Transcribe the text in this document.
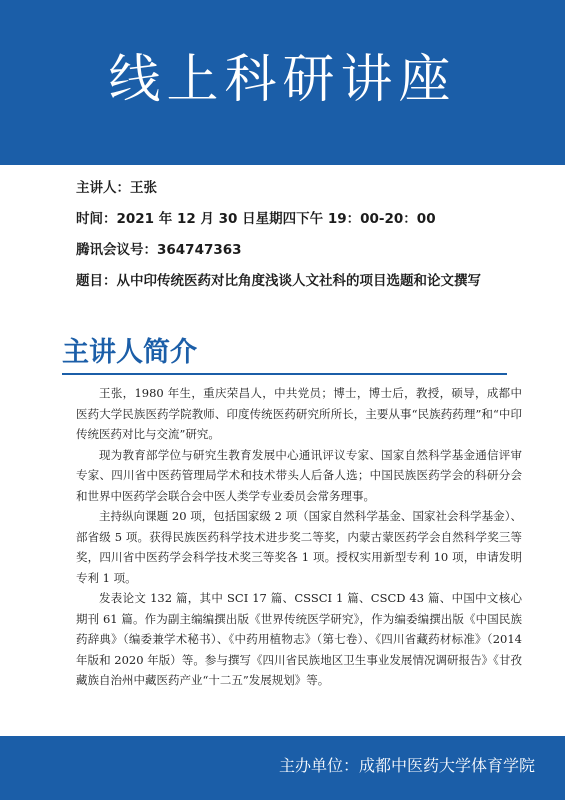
线上科研讲座
主讲人：王张
时间：2021 年 12 月 30 日星期四下午 19：00-20：00
腾讯会议号：364747363
题目：从中印传统医药对比角度浅谈人文社科的项目选题和论文撰写
主讲人简介

王张，1980 年生，重庆荣昌人，中共党员；博士，博士后，教授，硕导，成都中医药大学民族医药学院教师、印度传统医药研究所所长，主要从事“民族药药理”和“中印传统医药对比与交流”研究。

现为教育部学位与研究生教育发展中心通讯评议专家、国家自然科学基金通信评审专家、四川省中医药管理局学术和技术带头人后备人选；中国民族医药学会的科研分会和世界中医药学会联合会中医人类学专业委员会常务理事。

主持纵向课题 20 项，包括国家级 2 项（国家自然科学基金、国家社会科学基金）、部省级 5 项。获得民族医药科学技术进步奖二等奖，内蒙古蒙医药学会自然科学奖三等奖，四川省中医药学会科学技术奖三等奖各 1 项。授权实用新型专利 10 项，申请发明专利 1 项。

发表论文 132 篇，其中 SCI 17 篇、CSSCI 1 篇、CSCD 43 篇、中国中文核心期刊 61 篇。作为副主编编撰出版《世界传统医学研究》，作为编委编撰出版《中国民族药辞典》（编委兼学术秘书）、《中药用植物志》（第七卷）、《四川省藏药材标准》（2014 年版和 2020 年版）等。参与撰写《四川省民族地区卫生事业发展情况调研报告》《甘孜藏族自治州中藏医药产业“十二五”发展规划》等。

主办单位：成都中医药大学体育学院
